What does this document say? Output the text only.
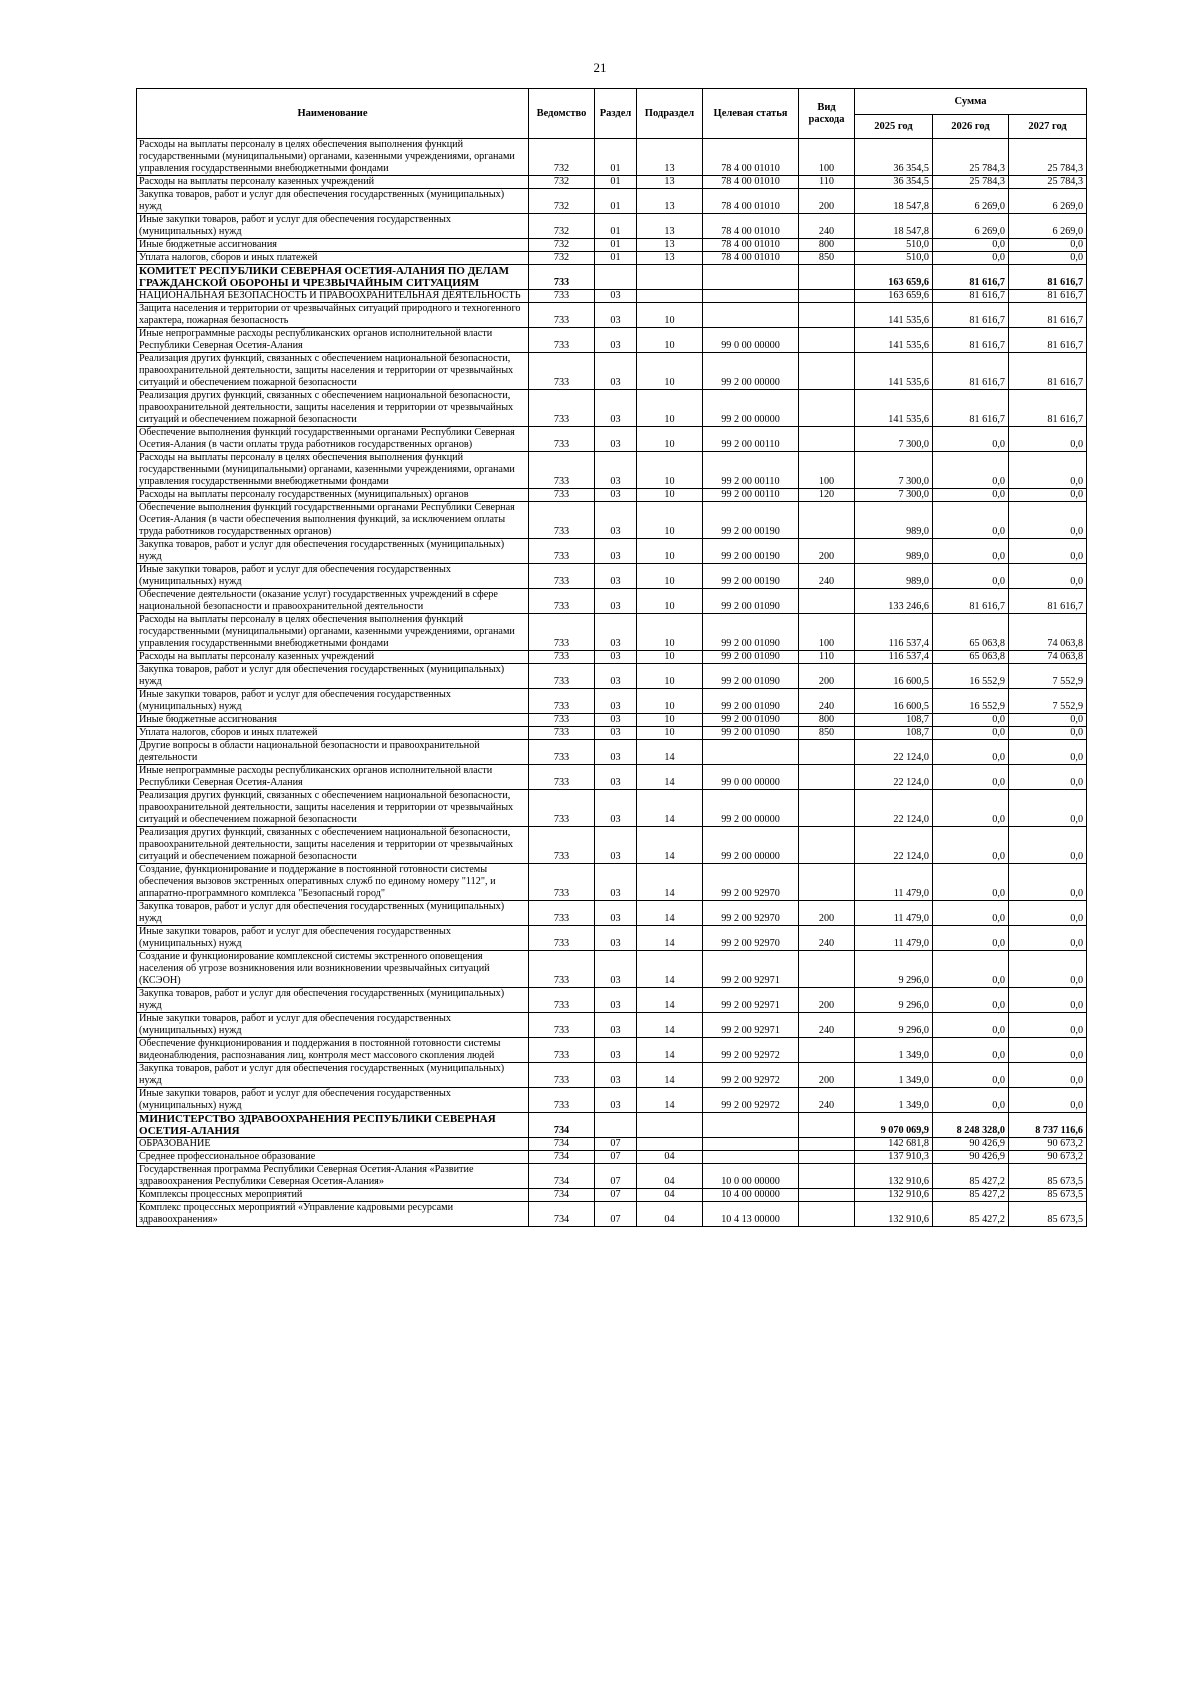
21
Наименование	Ведомство	Раздел	Подраздел	Целевая статья	Вид расхода	Сумма		
						2025 год	2026 год	2027 год
Расходы на выплаты персоналу в целях обеспечения выполнения функций государственными (муниципальными) органами, казенными учреждениями, органами управления государственными внебюджетными фондами	732	01	13	78 4 00 01010	100	36 354,5	25 784,3	25 784,3
Расходы на выплаты персоналу казенных учреждений	732	01	13	78 4 00 01010	110	36 354,5	25 784,3	25 784,3
Закупка товаров, работ и услуг для обеспечения государственных (муниципальных) нужд	732	01	13	78 4 00 01010	200	18 547,8	6 269,0	6 269,0
Иные закупки товаров, работ и услуг для обеспечения государственных (муниципальных) нужд	732	01	13	78 4 00 01010	240	18 547,8	6 269,0	6 269,0
Иные бюджетные ассигнования	732	01	13	78 4 00 01010	800	510,0	0,0	0,0
Уплата налогов, сборов и иных платежей	732	01	13	78 4 00 01010	850	510,0	0,0	0,0
КОМИТЕТ РЕСПУБЛИКИ СЕВЕРНАЯ ОСЕТИЯ-АЛАНИЯ ПО ДЕЛАМ ГРАЖДАНСКОЙ ОБОРОНЫ И ЧРЕЗВЫЧАЙНЫМ СИТУАЦИЯМ	733					163 659,6	81 616,7	81 616,7
НАЦИОНАЛЬНАЯ БЕЗОПАСНОСТЬ И ПРАВООХРАНИТЕЛЬНАЯ ДЕЯТЕЛЬНОСТЬ	733	03				163 659,6	81 616,7	81 616,7
Защита населения и территории от чрезвычайных ситуаций природного и техногенного характера, пожарная безопасность	733	03	10			141 535,6	81 616,7	81 616,7
Иные непрограммные расходы республиканских органов исполнительной власти Республики Северная Осетия-Алания	733	03	10	99 0 00 00000		141 535,6	81 616,7	81 616,7
Реализация других функций, связанных с обеспечением национальной безопасности, правоохранительной деятельности, защиты населения и территории от чрезвычайных ситуаций и обеспечением пожарной безопасности	733	03	10	99 2 00 00000		141 535,6	81 616,7	81 616,7
Реализация других функций, связанных с обеспечением национальной безопасности, правоохранительной деятельности, защиты населения и территории от чрезвычайных ситуаций и обеспечением пожарной безопасности	733	03	10	99 2 00 00000		141 535,6	81 616,7	81 616,7
Обеспечение выполнения функций государственными органами Республики Северная Осетия-Алания (в части оплаты труда работников государственных органов)	733	03	10	99 2 00 00110		7 300,0	0,0	0,0
Расходы на выплаты персоналу в целях обеспечения выполнения функций государственными (муниципальными) органами, казенными учреждениями, органами управления государственными внебюджетными фондами	733	03	10	99 2 00 00110	100	7 300,0	0,0	0,0
Расходы на выплаты персоналу государственных (муниципальных) органов	733	03	10	99 2 00 00110	120	7 300,0	0,0	0,0
Обеспечение выполнения функций государственными органами Республики Северная Осетия-Алания (в части обеспечения выполнения функций, за исключением оплаты труда работников государственных органов)	733	03	10	99 2 00 00190		989,0	0,0	0,0
Закупка товаров, работ и услуг для обеспечения государственных (муниципальных) нужд	733	03	10	99 2 00 00190	200	989,0	0,0	0,0
Иные закупки товаров, работ и услуг для обеспечения государственных (муниципальных) нужд	733	03	10	99 2 00 00190	240	989,0	0,0	0,0
Обеспечение деятельности (оказание услуг) государственных учреждений в сфере национальной безопасности и правоохранительной деятельности	733	03	10	99 2 00 01090		133 246,6	81 616,7	81 616,7
Расходы на выплаты персоналу в целях обеспечения выполнения функций государственными (муниципальными) органами, казенными учреждениями, органами управления государственными внебюджетными фондами	733	03	10	99 2 00 01090	100	116 537,4	65 063,8	74 063,8
Расходы на выплаты персоналу казенных учреждений	733	03	10	99 2 00 01090	110	116 537,4	65 063,8	74 063,8
Закупка товаров, работ и услуг для обеспечения государственных (муниципальных) нужд	733	03	10	99 2 00 01090	200	16 600,5	16 552,9	7 552,9
Иные закупки товаров, работ и услуг для обеспечения государственных (муниципальных) нужд	733	03	10	99 2 00 01090	240	16 600,5	16 552,9	7 552,9
Иные бюджетные ассигнования	733	03	10	99 2 00 01090	800	108,7	0,0	0,0
Уплата налогов, сборов и иных платежей	733	03	10	99 2 00 01090	850	108,7	0,0	0,0
Другие вопросы в области национальной безопасности и правоохранительной деятельности	733	03	14			22 124,0	0,0	0,0
Иные непрограммные расходы республиканских органов исполнительной власти Республики Северная Осетия-Алания	733	03	14	99 0 00 00000		22 124,0	0,0	0,0
Реализация других функций, связанных с обеспечением национальной безопасности, правоохранительной деятельности, защиты населения и территории от чрезвычайных ситуаций и обеспечением пожарной безопасности	733	03	14	99 2 00 00000		22 124,0	0,0	0,0
Реализация других функций, связанных с обеспечением национальной безопасности, правоохранительной деятельности, защиты населения и территории от чрезвычайных ситуаций и обеспечением пожарной безопасности	733	03	14	99 2 00 00000		22 124,0	0,0	0,0
Создание, функционирование и поддержание в постоянной готовности системы обеспечения вызовов экстренных оперативных служб по единому номеру "112", и аппаратно-программного комплекса "Безопасный город"	733	03	14	99 2 00 92970		11 479,0	0,0	0,0
Закупка товаров, работ и услуг для обеспечения государственных (муниципальных) нужд	733	03	14	99 2 00 92970	200	11 479,0	0,0	0,0
Иные закупки товаров, работ и услуг для обеспечения государственных (муниципальных) нужд	733	03	14	99 2 00 92970	240	11 479,0	0,0	0,0
Создание и функционирование комплексной системы экстренного оповещения населения об угрозе возникновения или возникновении чрезвычайных ситуаций (КСЭОН)	733	03	14	99 2 00 92971		9 296,0	0,0	0,0
Закупка товаров, работ и услуг для обеспечения государственных (муниципальных) нужд	733	03	14	99 2 00 92971	200	9 296,0	0,0	0,0
Иные закупки товаров, работ и услуг для обеспечения государственных (муниципальных) нужд	733	03	14	99 2 00 92971	240	9 296,0	0,0	0,0
Обеспечение функционирования и поддержания в постоянной готовности системы видеонаблюдения, распознавания лиц, контроля мест массового скопления людей	733	03	14	99 2 00 92972		1 349,0	0,0	0,0
Закупка товаров, работ и услуг для обеспечения государственных (муниципальных) нужд	733	03	14	99 2 00 92972	200	1 349,0	0,0	0,0
Иные закупки товаров, работ и услуг для обеспечения государственных (муниципальных) нужд	733	03	14	99 2 00 92972	240	1 349,0	0,0	0,0
МИНИСТЕРСТВО ЗДРАВООХРАНЕНИЯ РЕСПУБЛИКИ СЕВЕРНАЯ ОСЕТИЯ-АЛАНИЯ	734					9 070 069,9	8 248 328,0	8 737 116,6
ОБРАЗОВАНИЕ	734	07				142 681,8	90 426,9	90 673,2
Среднее профессиональное образование	734	07	04			137 910,3	90 426,9	90 673,2
Государственная программа Республики Северная Осетия-Алания «Развитие здравоохранения Республики Северная Осетия-Алания»	734	07	04	10 0 00 00000		132 910,6	85 427,2	85 673,5
Комплексы процессных мероприятий	734	07	04	10 4 00 00000		132 910,6	85 427,2	85 673,5
Комплекс процессных мероприятий «Управление кадровыми ресурсами здравоохранения»	734	07	04	10 4 13 00000		132 910,6	85 427,2	85 673,5
